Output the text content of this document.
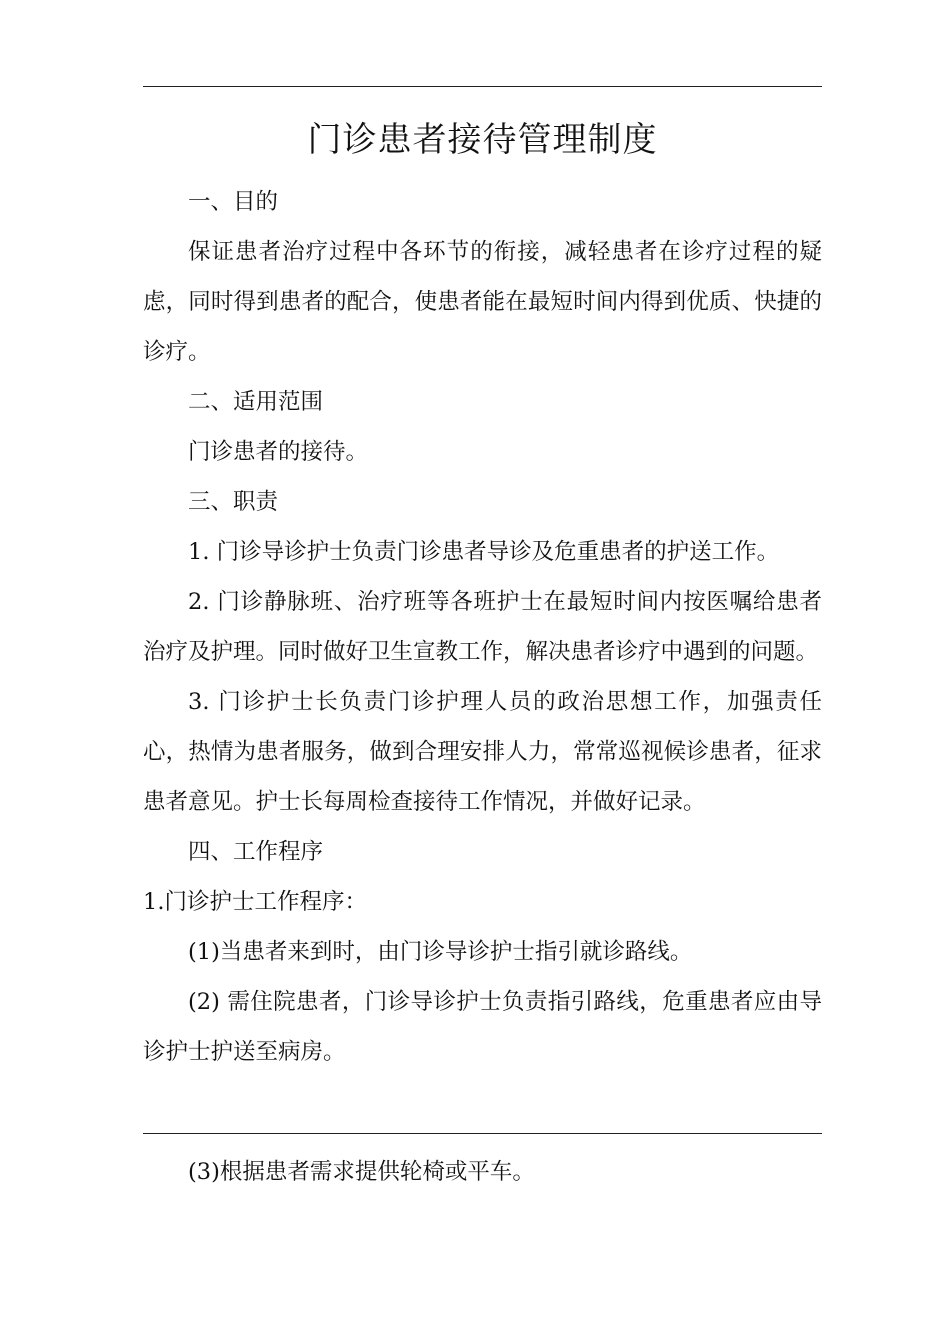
门诊患者接待管理制度

一、目的

保证患者治疗过程中各环节的衔接，减轻患者在诊疗过程的疑虑，同时得到患者的配合，使患者能在最短时间内得到优质、快捷的诊疗。

二、适用范围

门诊患者的接待。

三、职责

1. 门诊导诊护士负责门诊患者导诊及危重患者的护送工作。

2. 门诊静脉班、治疗班等各班护士在最短时间内按医嘱给患者治疗及护理。同时做好卫生宣教工作，解决患者诊疗中遇到的问题。

3. 门诊护士长负责门诊护理人员的政治思想工作，加强责任心，热情为患者服务，做到合理安排人力，常常巡视候诊患者，征求患者意见。护士长每周检查接待工作情况，并做好记录。

四、工作程序

1.门诊护士工作程序：

(1)当患者来到时，由门诊导诊护士指引就诊路线。

(2) 需住院患者，门诊导诊护士负责指引路线，危重患者应由导诊护士护送至病房。

(3)根据患者需求提供轮椅或平车。
